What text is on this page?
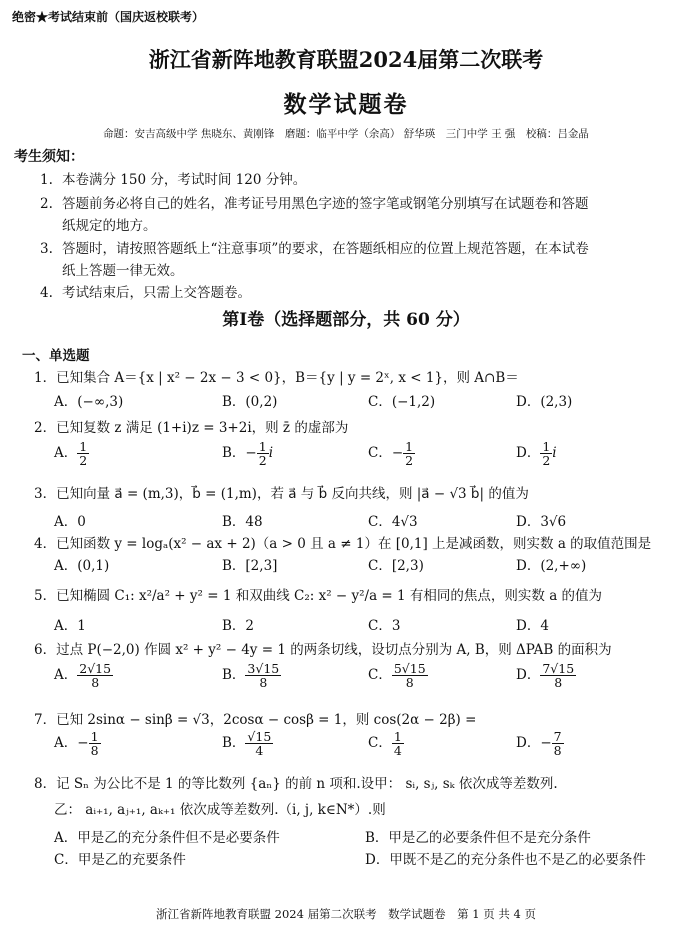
绝密★考试结束前（国庆返校联考）
浙江省新阵地教育联盟2024届第二次联考
数学试题卷
命题：安吉高级中学 焦晓东、黄刚锋　磨题：临平中学（余高） 舒华瑛　三门中学 王 强　校稿：吕金晶
考生须知：
1. 本卷满分 150 分，考试时间 120 分钟。
2. 答题前务必将自己的姓名，准考证号用黑色字迹的签字笔或钢笔分别填写在试题卷和答题
纸规定的地方。
3. 答题时，请按照答题纸上“注意事项”的要求，在答题纸相应的位置上规范答题，在本试卷
纸上答题一律无效。
4. 考试结束后，只需上交答题卷。
第Ⅰ卷（选择题部分，共 60 分）
一、单选题
1．已知集合 A＝{x | x² − 2x − 3 < 0}，B＝{y | y = 2ˣ, x < 1}，则 A∩B＝
A．(−∞,3)	B．(0,2)	C．(−1,2)	D．(2,3)
2．已知复数 z 满足 (1+i)z = 3+2i，则 z̄ 的虚部为
A． $\frac{1}{2}$	B．− $\frac{1}{2}$ i	C．− $\frac{1}{2}$	D． $\frac{1}{2}$ i
3．已知向量 a⃗ = (m,3)，b⃗ = (1,m)，若 a⃗ 与 b⃗ 反向共线，则 |a⃗ − √3 b⃗| 的值为
A．0	B．48	C．4√3	D．3√6
4．已知函数 y = logₐ(x² − ax + 2)（a > 0 且 a ≠ 1）在 [0,1] 上是减函数，则实数 a 的取值范围是
A．(0,1)	B．[2,3]	C．[2,3)	D．(2,+∞)
5．已知椭圆 C₁: x²/a² + y² = 1 和双曲线 C₂: x² − y²/a = 1 有相同的焦点，则实数 a 的值为
A．1	B．2	C．3	D．4
6．过点 P(−2,0) 作圆 x² + y² − 4y = 1 的两条切线，设切点分别为 A, B，则 ΔPAB 的面积为
A． $\frac{2√15}{8}$	B． $\frac{3√15}{8}$	C． $\frac{5√15}{8}$	D． $\frac{7√15}{8}$
7．已知 2sinα − sinβ = √3，2cosα − cosβ = 1，则 cos(2α − 2β) =
A．− $\frac{1}{8}$	B． $\frac{√15}{4}$	C． $\frac{1}{4}$	D．− $\frac{7}{8}$
8．记 Sₙ 为公比不是 1 的等比数列 {aₙ} 的前 n 项和.设甲： sᵢ, sⱼ, sₖ 依次成等差数列.
乙： aᵢ₊₁, aⱼ₊₁, aₖ₊₁ 依次成等差数列.（i, j, k∈N*）.则
A．甲是乙的充分条件但不是必要条件	B．甲是乙的必要条件但不是充分条件
C．甲是乙的充要条件	D．甲既不是乙的充分条件也不是乙的必要条件
浙江省新阵地教育联盟 2024 届第二次联考　数学试题卷　第 1 页 共 4 页
